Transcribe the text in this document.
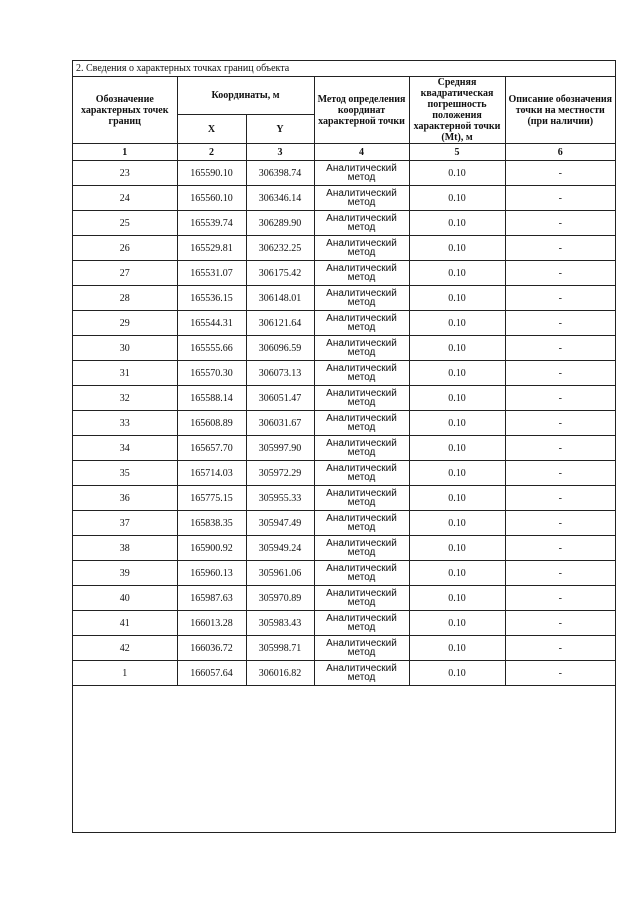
2. Сведения о характерных точках границ объекта
Обозначение характерных точек границ	Координаты, м		Метод определения координат характерной точки	Средняя квадратическая погрешность положения характерной точки (Mt), м	Описание обозначения точки на местности (при наличии)
	X	Y			
1	2	3	4	5	6
23	165590.10	306398.74	Аналитический метод	0.10	-
24	165560.10	306346.14	Аналитический метод	0.10	-
25	165539.74	306289.90	Аналитический метод	0.10	-
26	165529.81	306232.25	Аналитический метод	0.10	-
27	165531.07	306175.42	Аналитический метод	0.10	-
28	165536.15	306148.01	Аналитический метод	0.10	-
29	165544.31	306121.64	Аналитический метод	0.10	-
30	165555.66	306096.59	Аналитический метод	0.10	-
31	165570.30	306073.13	Аналитический метод	0.10	-
32	165588.14	306051.47	Аналитический метод	0.10	-
33	165608.89	306031.67	Аналитический метод	0.10	-
34	165657.70	305997.90	Аналитический метод	0.10	-
35	165714.03	305972.29	Аналитический метод	0.10	-
36	165775.15	305955.33	Аналитический метод	0.10	-
37	165838.35	305947.49	Аналитический метод	0.10	-
38	165900.92	305949.24	Аналитический метод	0.10	-
39	165960.13	305961.06	Аналитический метод	0.10	-
40	165987.63	305970.89	Аналитический метод	0.10	-
41	166013.28	305983.43	Аналитический метод	0.10	-
42	166036.72	305998.71	Аналитический метод	0.10	-
1	166057.64	306016.82	Аналитический метод	0.10	-
